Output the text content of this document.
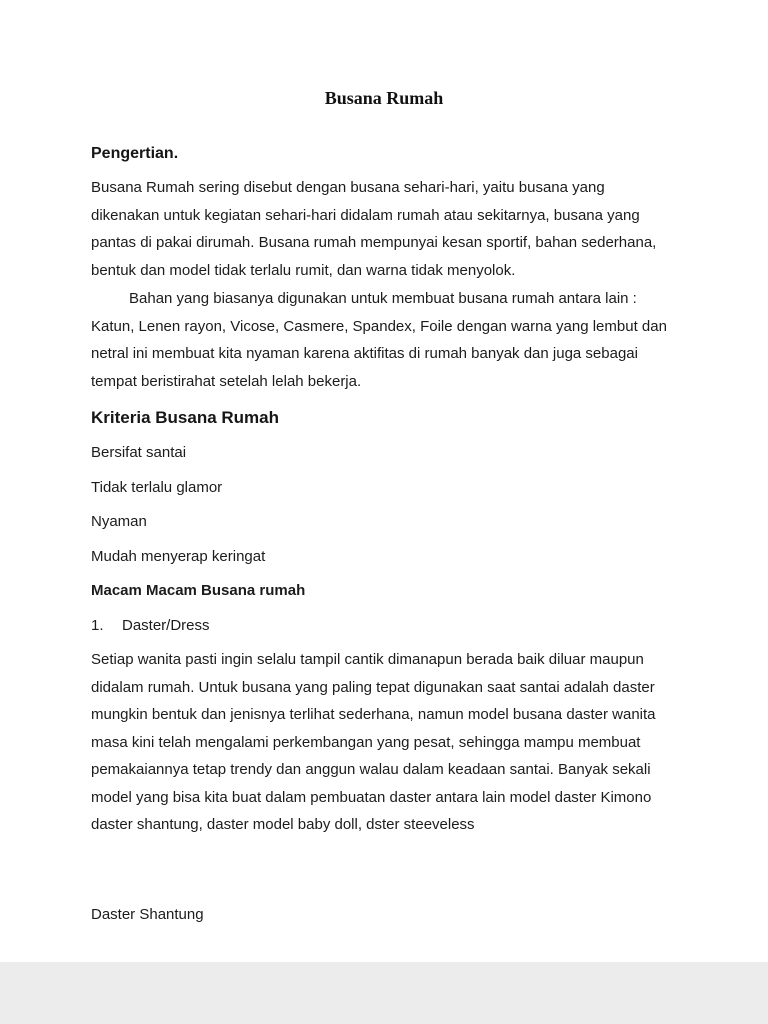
Busana Rumah
Pengertian.

Busana Rumah sering disebut dengan busana sehari-hari, yaitu busana yang dikenakan untuk kegiatan sehari-hari didalam rumah atau sekitarnya, busana yang pantas di pakai dirumah. Busana rumah mempunyai kesan sportif, bahan sederhana, bentuk dan model tidak terlalu rumit, dan warna tidak menyolok.

Bahan yang biasanya digunakan untuk membuat busana rumah antara lain : Katun, Lenen rayon, Vicose, Casmere, Spandex, Foile dengan warna yang lembut dan netral ini membuat kita nyaman karena aktifitas di rumah banyak dan juga sebagai tempat beristirahat setelah lelah bekerja.

Kriteria Busana Rumah

Bersifat santai

Tidak terlalu glamor

Nyaman

Mudah menyerap keringat

Macam Macam Busana rumah

1. Daster/Dress

Setiap wanita pasti ingin selalu tampil cantik dimanapun berada baik diluar maupun didalam rumah. Untuk busana yang paling tepat digunakan saat santai adalah daster mungkin bentuk dan jenisnya terlihat sederhana, namun model busana daster wanita masa kini telah mengalami perkembangan yang pesat, sehingga mampu membuat pemakaiannya tetap trendy dan anggun walau dalam keadaan santai. Banyak sekali model yang bisa kita buat dalam pembuatan daster antara lain model daster Kimono daster shantung, daster model baby doll, dster steeveless

Daster Shantung
